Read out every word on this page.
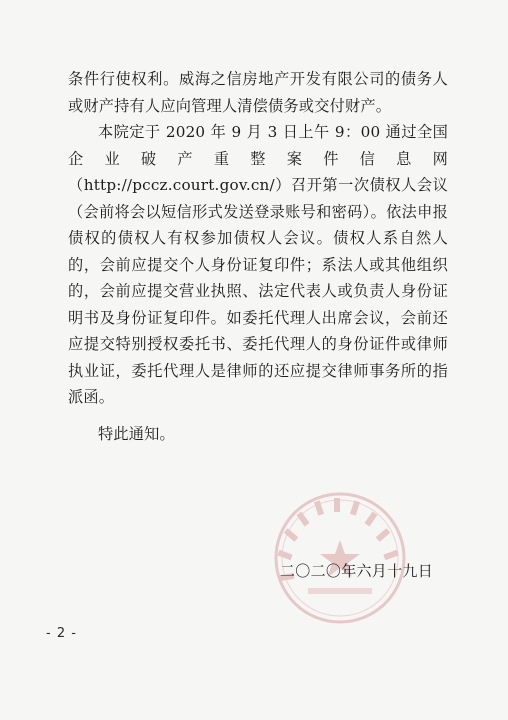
条件行使权利。威海之信房地产开发有限公司的债务人或财产持有人应向管理人清偿债务或交付财产。

本院定于 2020 年 9 月 3 日上午 9：00 通过全国企业破产重整案件信息网（http://pccz.court.gov.cn/）召开第一次债权人会议（会前将会以短信形式发送登录账号和密码）。依法申报债权的债权人有权参加债权人会议。债权人系自然人的，会前应提交个人身份证复印件；系法人或其他组织的，会前应提交营业执照、法定代表人或负责人身份证明书及身份证复印件。如委托代理人出席会议，会前还应提交特别授权委托书、委托代理人的身份证件或律师执业证，委托代理人是律师的还应提交律师事务所的指派函。

特此通知。

二〇二〇年六月十九日
- 2 -
